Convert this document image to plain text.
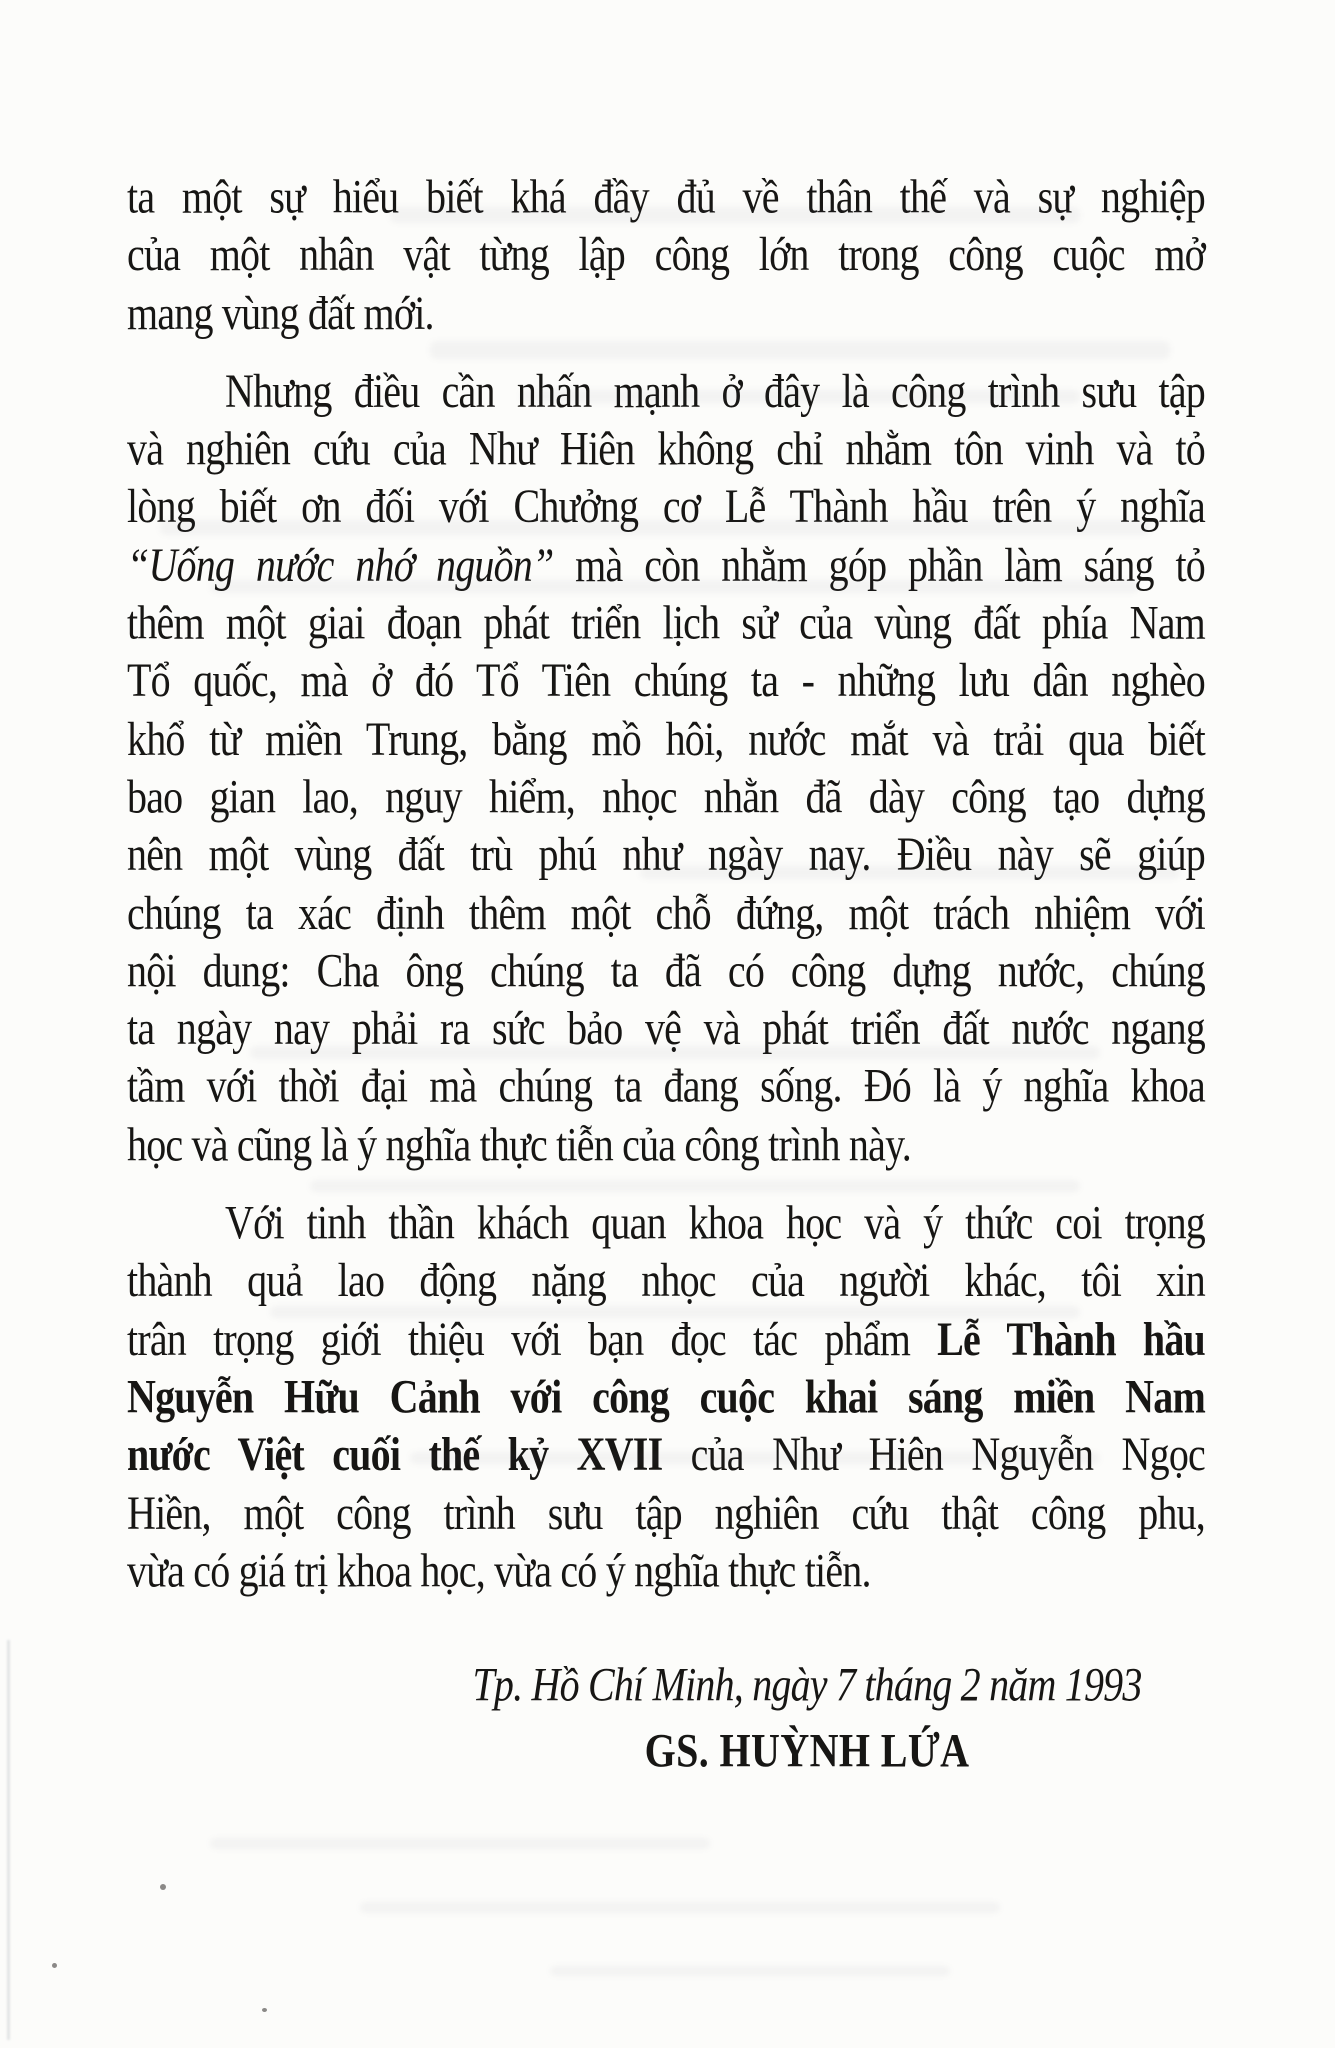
ta một sự hiểu biết khá đầy đủ về thân thế và sự nghiệp
của một nhân vật từng lập công lớn trong công cuộc mở
mang vùng đất mới.
Nhưng điều cần nhấn mạnh ở đây là công trình sưu tập
và nghiên cứu của Như Hiên không chỉ nhằm tôn vinh và tỏ
lòng biết ơn đối với Chưởng cơ Lễ Thành hầu trên ý nghĩa
“Uống nước nhớ nguồn” mà còn nhằm góp phần làm sáng tỏ
thêm một giai đoạn phát triển lịch sử của vùng đất phía Nam
Tổ quốc, mà ở đó Tổ Tiên chúng ta - những lưu dân nghèo
khổ từ miền Trung, bằng mồ hôi, nước mắt và trải qua biết
bao gian lao, nguy hiểm, nhọc nhằn đã dày công tạo dựng
nên một vùng đất trù phú như ngày nay. Điều này sẽ giúp
chúng ta xác định thêm một chỗ đứng, một trách nhiệm với
nội dung: Cha ông chúng ta đã có công dựng nước, chúng
ta ngày nay phải ra sức bảo vệ và phát triển đất nước ngang
tầm với thời đại mà chúng ta đang sống. Đó là ý nghĩa khoa
học và cũng là ý nghĩa thực tiễn của công trình này.
Với tinh thần khách quan khoa học và ý thức coi trọng
thành quả lao động nặng nhọc của người khác, tôi xin
trân trọng giới thiệu với bạn đọc tác phẩm Lễ Thành hầu
Nguyễn Hữu Cảnh với công cuộc khai sáng miền Nam
nước Việt cuối thế kỷ XVII của Như Hiên Nguyễn Ngọc
Hiền, một công trình sưu tập nghiên cứu thật công phu,
vừa có giá trị khoa học, vừa có ý nghĩa thực tiễn.
Tp. Hồ Chí Minh, ngày 7 tháng 2 năm 1993
GS. HUỲNH LỨA
